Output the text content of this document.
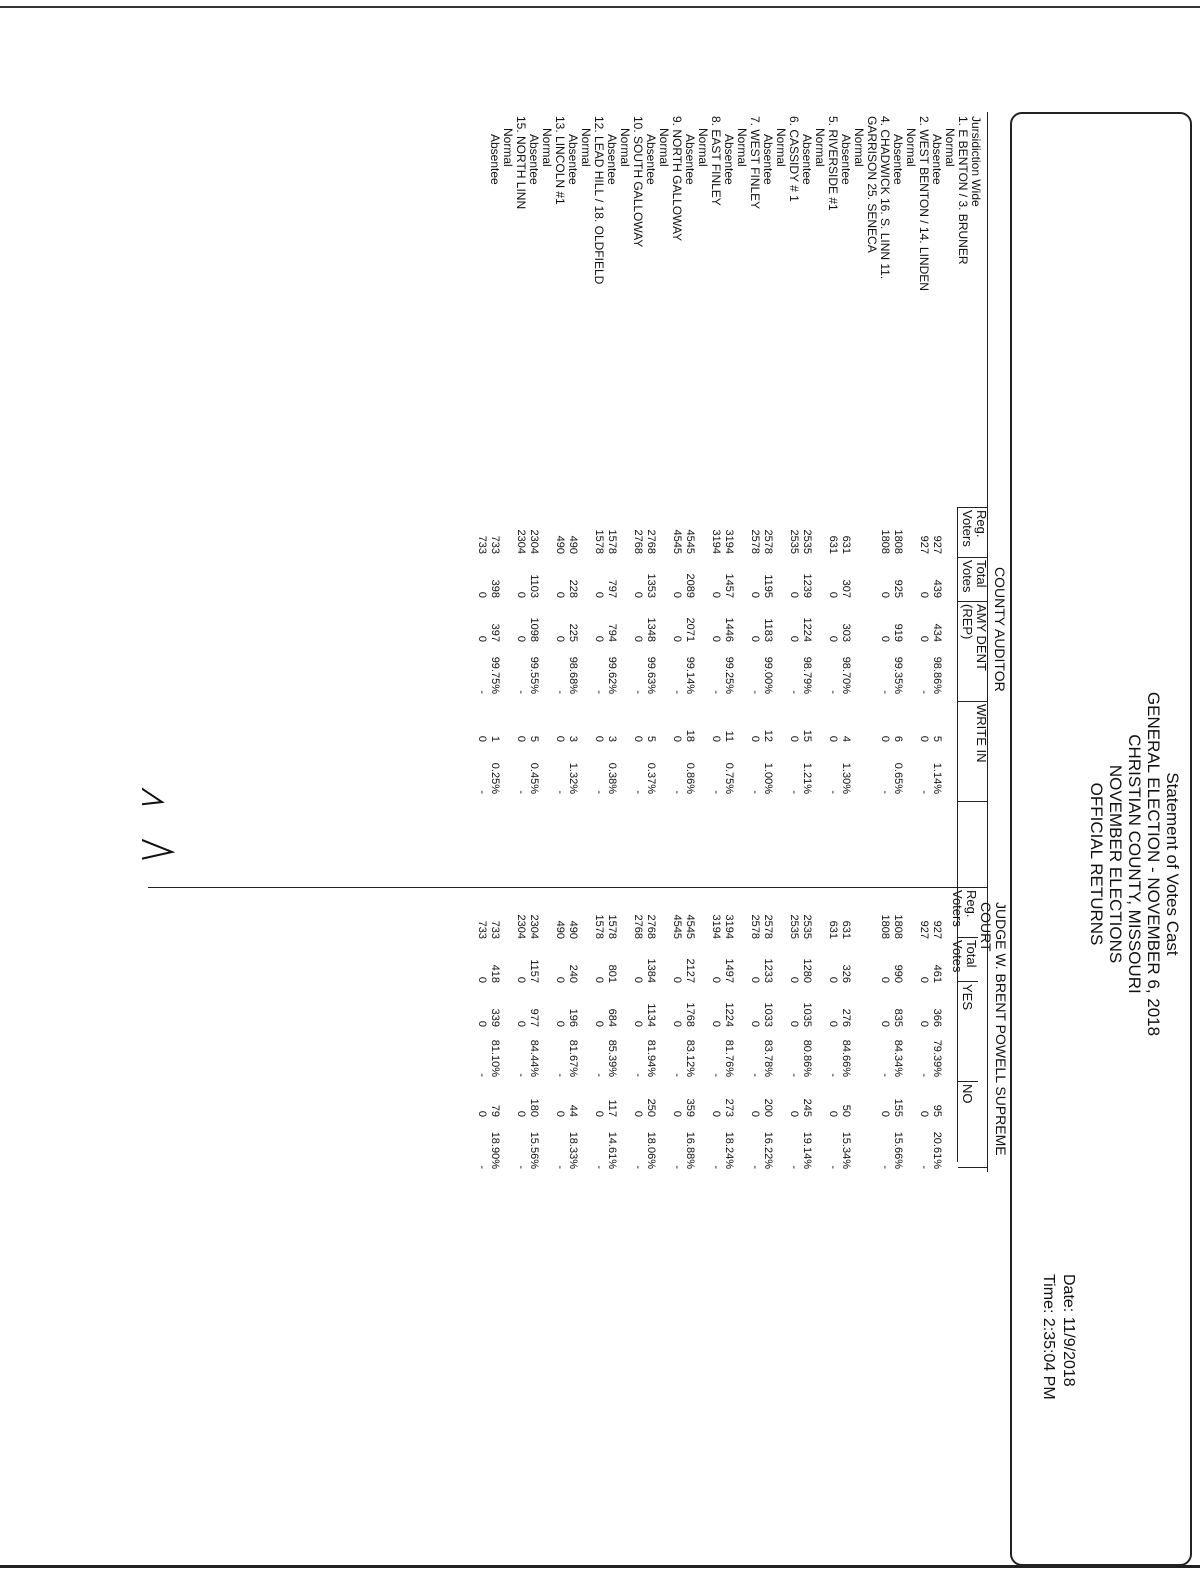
Statement of Votes Cast
GENERAL ELECTION - NOVEMBER 6, 2018
CHRISTIAN COUNTY, MISSOURI
NOVEMBER ELECTIONS
OFFICIAL RETURNS
Date: 11/9/2018
Time: 2:35:04 PM
COUNTY AUDITOR
JUDGE W. BRENT POWELL SUPREME
COURT
Reg.
Voters
Total
Votes
AMY DENT
(REP)
WRITE IN
Reg.
Voters
Total
Votes
YES
NO
Jursidiction Wide
1. E BENTON / 3. BRUNER
Normal
Absentee
2. WEST BENTON / 14. LINDEN
Normal
Absentee
4. CHADWICK 16. S. LINN 11.
GARRISON 25. SENECA
Normal
Absentee
5. RIVERSIDE #1
Normal
Absentee
6. CASSIDY # 1
Normal
Absentee
7. WEST FINLEY
Normal
Absentee
8. EAST FINLEY
Normal
Absentee
9. NORTH GALLOWAY
Normal
Absentee
10. SOUTH GALLOWAY
Normal
Absentee
12. LEAD HILL / 18. OLDFIELD
Normal
Absentee
13. LINCOLN #1
Normal
Absentee
15. NORTH LINN
Normal
Absentee
927
439
434
98.86%
5
1.14%
927
0
0
-
0
-
1808
925
919
99.35%
6
0.65%
1808
0
0
-
0
-
631
307
303
98.70%
4
1.30%
631
0
0
-
0
-
2535
1239
1224
98.79%
15
1.21%
2535
0
0
-
0
-
2578
1195
1183
99.00%
12
1.00%
2578
0
0
-
0
-
3194
1457
1446
99.25%
11
0.75%
3194
0
0
-
0
-
4545
2089
2071
99.14%
18
0.86%
4545
0
0
-
0
-
2768
1353
1348
99.63%
5
0.37%
2768
0
0
-
0
-
1578
797
794
99.62%
3
0.38%
1578
0
0
-
0
-
490
228
225
98.68%
3
1.32%
490
0
0
-
0
-
2304
1103
1098
99.55%
5
0.45%
2304
0
0
-
0
-
733
398
397
99.75%
1
0.25%
733
0
0
-
0
-
927
461
366
79.39%
95
20.61%
927
0
0
-
0
-
1808
990
835
84.34%
155
15.66%
1808
0
0
-
0
-
631
326
276
84.66%
50
15.34%
631
0
0
-
0
-
2535
1280
1035
80.86%
245
19.14%
2535
0
0
-
0
-
2578
1233
1033
83.78%
200
16.22%
2578
0
0
-
0
-
3194
1497
1224
81.76%
273
18.24%
3194
0
0
-
0
-
4545
2127
1768
83.12%
359
16.88%
4545
0
0
-
0
-
2768
1384
1134
81.94%
250
18.06%
2768
0
0
-
0
-
1578
801
684
85.39%
117
14.61%
1578
0
0
-
0
-
490
240
196
81.67%
44
18.33%
490
0
0
-
0
-
2304
1157
977
84.44%
180
15.56%
2304
0
0
-
0
-
733
418
339
81.10%
79
18.90%
733
0
0
-
0
-
